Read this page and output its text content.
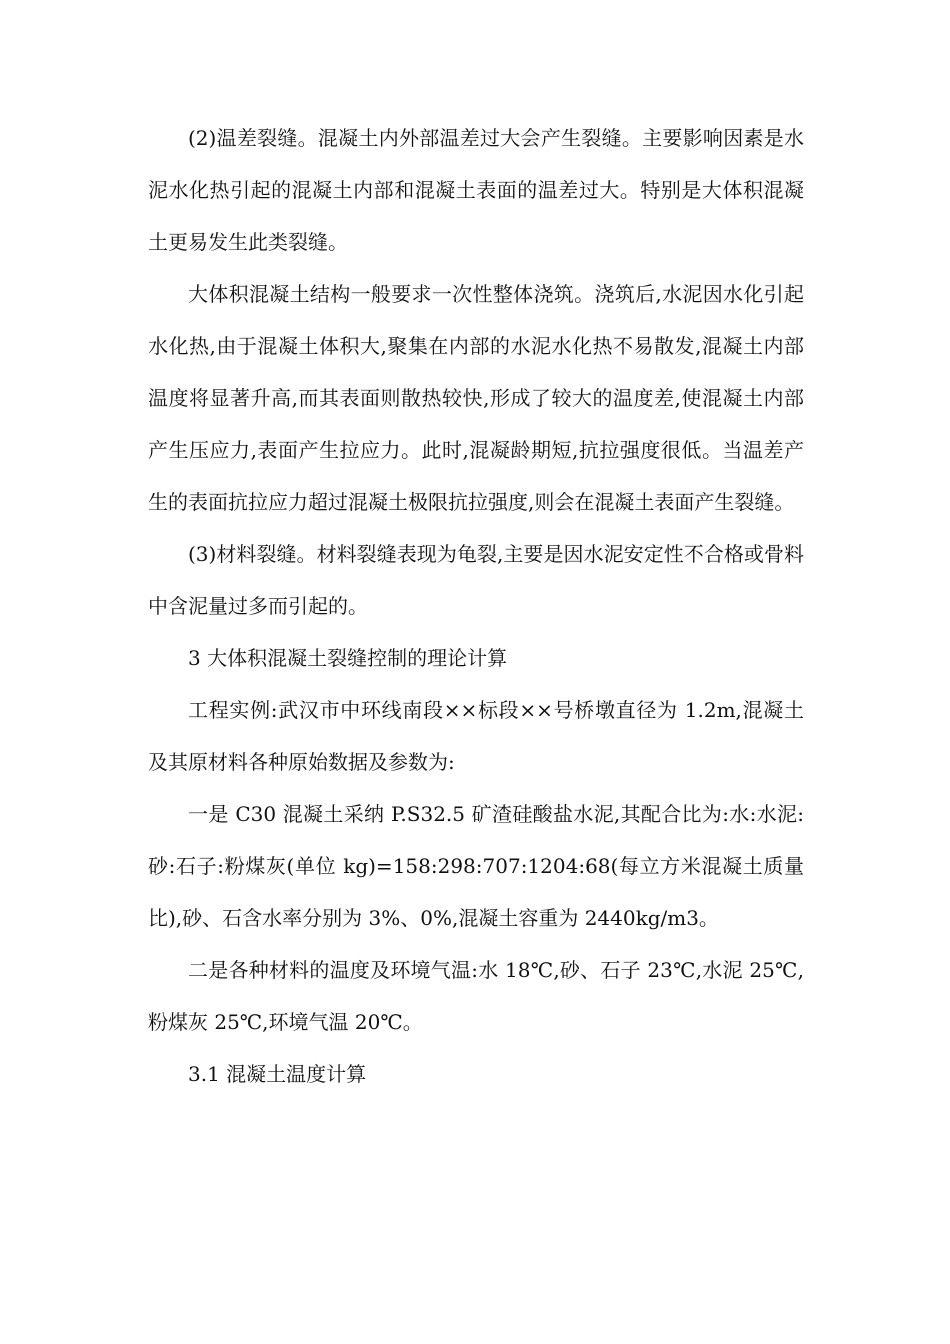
(2)温差裂缝。混凝土内外部温差过大会产生裂缝。主要影响因素是水泥水化热引起的混凝土内部和混凝土表面的温差过大。特别是大体积混凝土更易发生此类裂缝。

大体积混凝土结构一般要求一次性整体浇筑。浇筑后,水泥因水化引起水化热,由于混凝土体积大,聚集在内部的水泥水化热不易散发,混凝土内部温度将显著升高,而其表面则散热较快,形成了较大的温度差,使混凝土内部产生压应力,表面产生拉应力。此时,混凝龄期短,抗拉强度很低。当温差产生的表面抗拉应力超过混凝土极限抗拉强度,则会在混凝土表面产生裂缝。

(3)材料裂缝。材料裂缝表现为龟裂,主要是因水泥安定性不合格或骨料中含泥量过多而引起的。

3 大体积混凝土裂缝控制的理论计算

工程实例:武汉市中环线南段××标段××号桥墩直径为 1.2m,混凝土及其原材料各种原始数据及参数为:

一是 C30 混凝土采纳 P.S32.5 矿渣硅酸盐水泥,其配合比为:水:水泥:砂:石子:粉煤灰(单位 kg)=158:298:707:1204:68(每立方米混凝土质量比),砂、石含水率分别为 3%、0%,混凝土容重为 2440kg/m3。

二是各种材料的温度及环境气温:水 18℃,砂、石子 23℃,水泥 25℃,粉煤灰 25℃,环境气温 20℃。

3.1 混凝土温度计算
